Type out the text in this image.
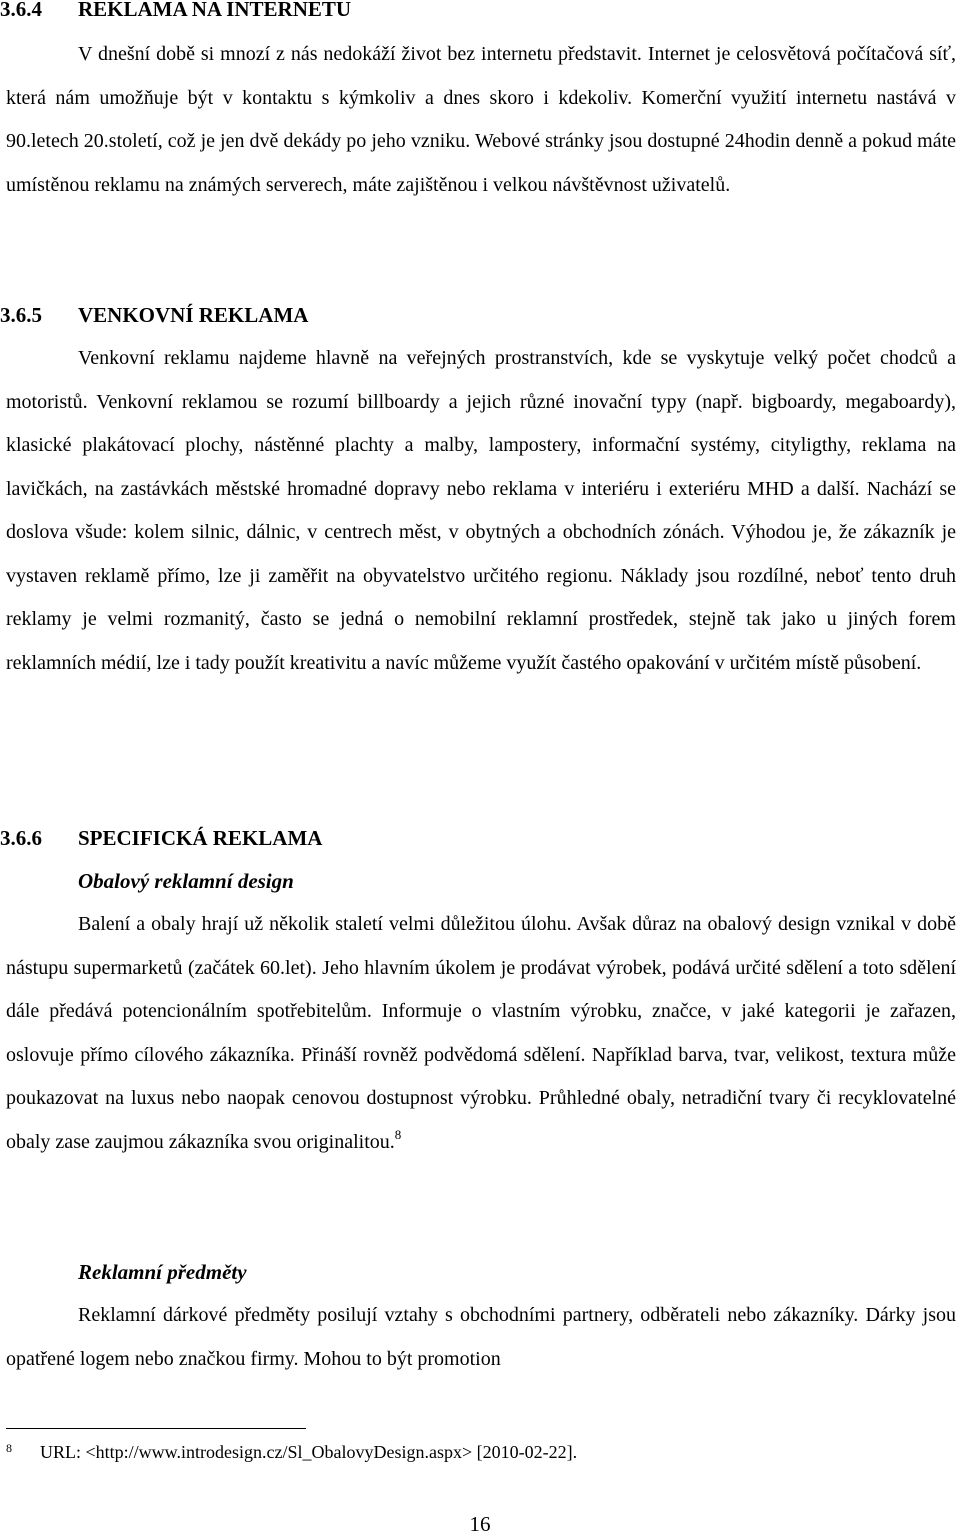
3.6.4 REKLAMA NA INTERNETU

V dnešní době si mnozí z nás nedokáží život bez internetu představit. Internet je celosvětová počítačová síť, která nám umožňuje být v kontaktu s kýmkoliv a dnes skoro i kdekoliv. Komerční využití internetu nastává v 90.letech 20.století, což je jen dvě dekády po jeho vzniku. Webové stránky jsou dostupné 24hodin denně a pokud máte umístěnou reklamu na známých serverech, máte zajištěnou i velkou návštěvnost uživatelů.

3.6.5 VENKOVNÍ REKLAMA

Venkovní reklamu najdeme hlavně na veřejných prostranstvích, kde se vyskytuje velký počet chodců a motoristů. Venkovní reklamou se rozumí billboardy a jejich různé inovační typy (např. bigboardy, megaboardy), klasické plakátovací plochy, nástěnné plachty a malby, lampostery, informační systémy, cityligthy, reklama na lavičkách, na zastávkách městské hromadné dopravy nebo reklama v interiéru i exteriéru MHD a další. Nachází se doslova všude: kolem silnic, dálnic, v centrech měst, v obytných a obchodních zónách. Výhodou je, že zákazník je vystaven reklamě přímo, lze ji zaměřit na obyvatelstvo určitého regionu. Náklady jsou rozdílné, neboť tento druh reklamy je velmi rozmanitý, často se jedná o nemobilní reklamní prostředek, stejně tak jako u jiných forem reklamních médií, lze i tady použít kreativitu a navíc můžeme využít častého opakování v určitém místě působení.

3.6.6 SPECIFICKÁ REKLAMA
Obalový reklamní design

Balení a obaly hrají už několik staletí velmi důležitou úlohu. Avšak důraz na obalový design vznikal v době nástupu supermarketů (začátek 60.let). Jeho hlavním úkolem je prodávat výrobek, podává určité sdělení a toto sdělení dále předává potencionálním spotřebitelům. Informuje o vlastním výrobku, značce, v jaké kategorii je zařazen, oslovuje přímo cílového zákazníka. Přináší rovněž podvědomá sdělení. Například barva, tvar, velikost, textura může poukazovat na luxus nebo naopak cenovou dostupnost výrobku. Průhledné obaly, netradiční tvary či recyklovatelné obaly zase zaujmou zákazníka svou originalitou.$^8$

Reklamní předměty

Reklamní dárkové předměty posilují vztahy s obchodními partnery, odběrateli nebo zákazníky. Dárky jsou opatřené logem nebo značkou firmy. Mohou to být promotion

8 URL: <http://www.introdesign.cz/Sl_ObalovyDesign.aspx> [2010-02-22].

16
